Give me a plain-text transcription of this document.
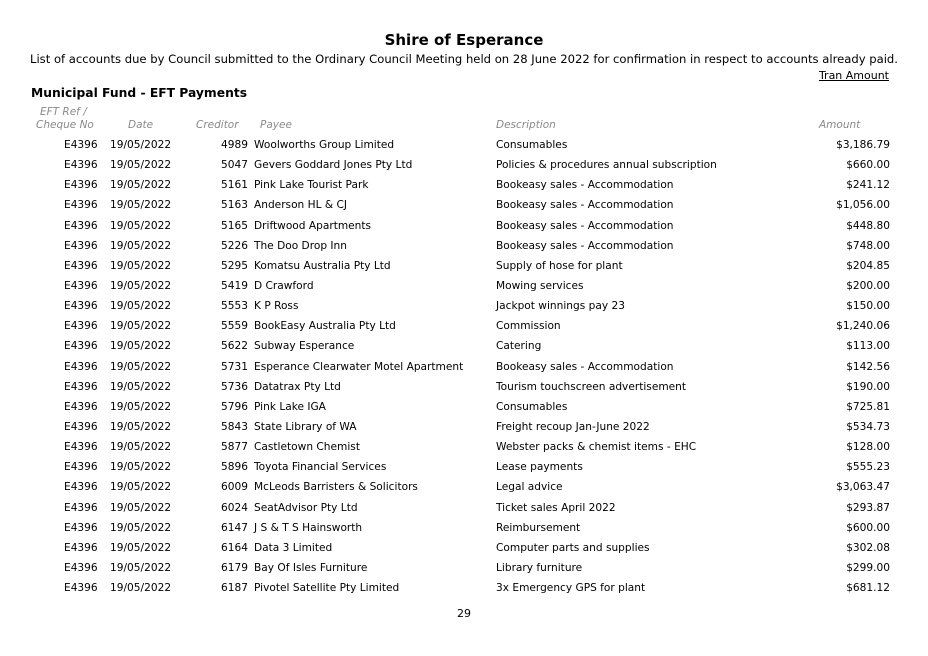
Shire of Esperance
List of accounts due by Council submitted to the Ordinary Council Meeting held on 28 June 2022 for confirmation in respect to accounts already paid.
Tran Amount
Municipal Fund - EFT Payments
EFT Ref /
Cheque No	Date	Creditor Payee	Description	Amount
E4396 19/05/2022	4989 Woolworths Group Limited	Consumables	$3,186.79
E4396 19/05/2022	5047 Gevers Goddard Jones Pty Ltd	Policies & procedures annual subscription	$660.00
E4396 19/05/2022	5161 Pink Lake Tourist Park	Bookeasy sales - Accommodation	$241.12
E4396 19/05/2022	5163 Anderson HL & CJ	Bookeasy sales - Accommodation	$1,056.00
E4396 19/05/2022	5165 Driftwood Apartments	Bookeasy sales - Accommodation	$448.80
E4396 19/05/2022	5226 The Doo Drop Inn	Bookeasy sales - Accommodation	$748.00
E4396 19/05/2022	5295 Komatsu Australia Pty Ltd	Supply of hose for plant	$204.85
E4396 19/05/2022	5419 D Crawford	Mowing services	$200.00
E4396 19/05/2022	5553 K P Ross	Jackpot winnings pay 23	$150.00
E4396 19/05/2022	5559 BookEasy Australia Pty Ltd	Commission	$1,240.06
E4396 19/05/2022	5622 Subway Esperance	Catering	$113.00
E4396 19/05/2022	5731 Esperance Clearwater Motel Apartment	Bookeasy sales - Accommodation	$142.56
E4396 19/05/2022	5736 Datatrax Pty Ltd	Tourism touchscreen advertisement	$190.00
E4396 19/05/2022	5796 Pink Lake IGA	Consumables	$725.81
E4396 19/05/2022	5843 State Library of WA	Freight recoup Jan-June 2022	$534.73
E4396 19/05/2022	5877 Castletown Chemist	Webster packs & chemist items - EHC	$128.00
E4396 19/05/2022	5896 Toyota Financial Services	Lease payments	$555.23
E4396 19/05/2022	6009 McLeods Barristers & Solicitors	Legal advice	$3,063.47
E4396 19/05/2022	6024 SeatAdvisor Pty Ltd	Ticket sales April 2022	$293.87
E4396 19/05/2022	6147 J S & T S Hainsworth	Reimbursement	$600.00
E4396 19/05/2022	6164 Data 3 Limited	Computer parts and supplies	$302.08
E4396 19/05/2022	6179 Bay Of Isles Furniture	Library furniture	$299.00
E4396 19/05/2022	6187 Pivotel Satellite Pty Limited	3x Emergency GPS for plant	$681.12
29
